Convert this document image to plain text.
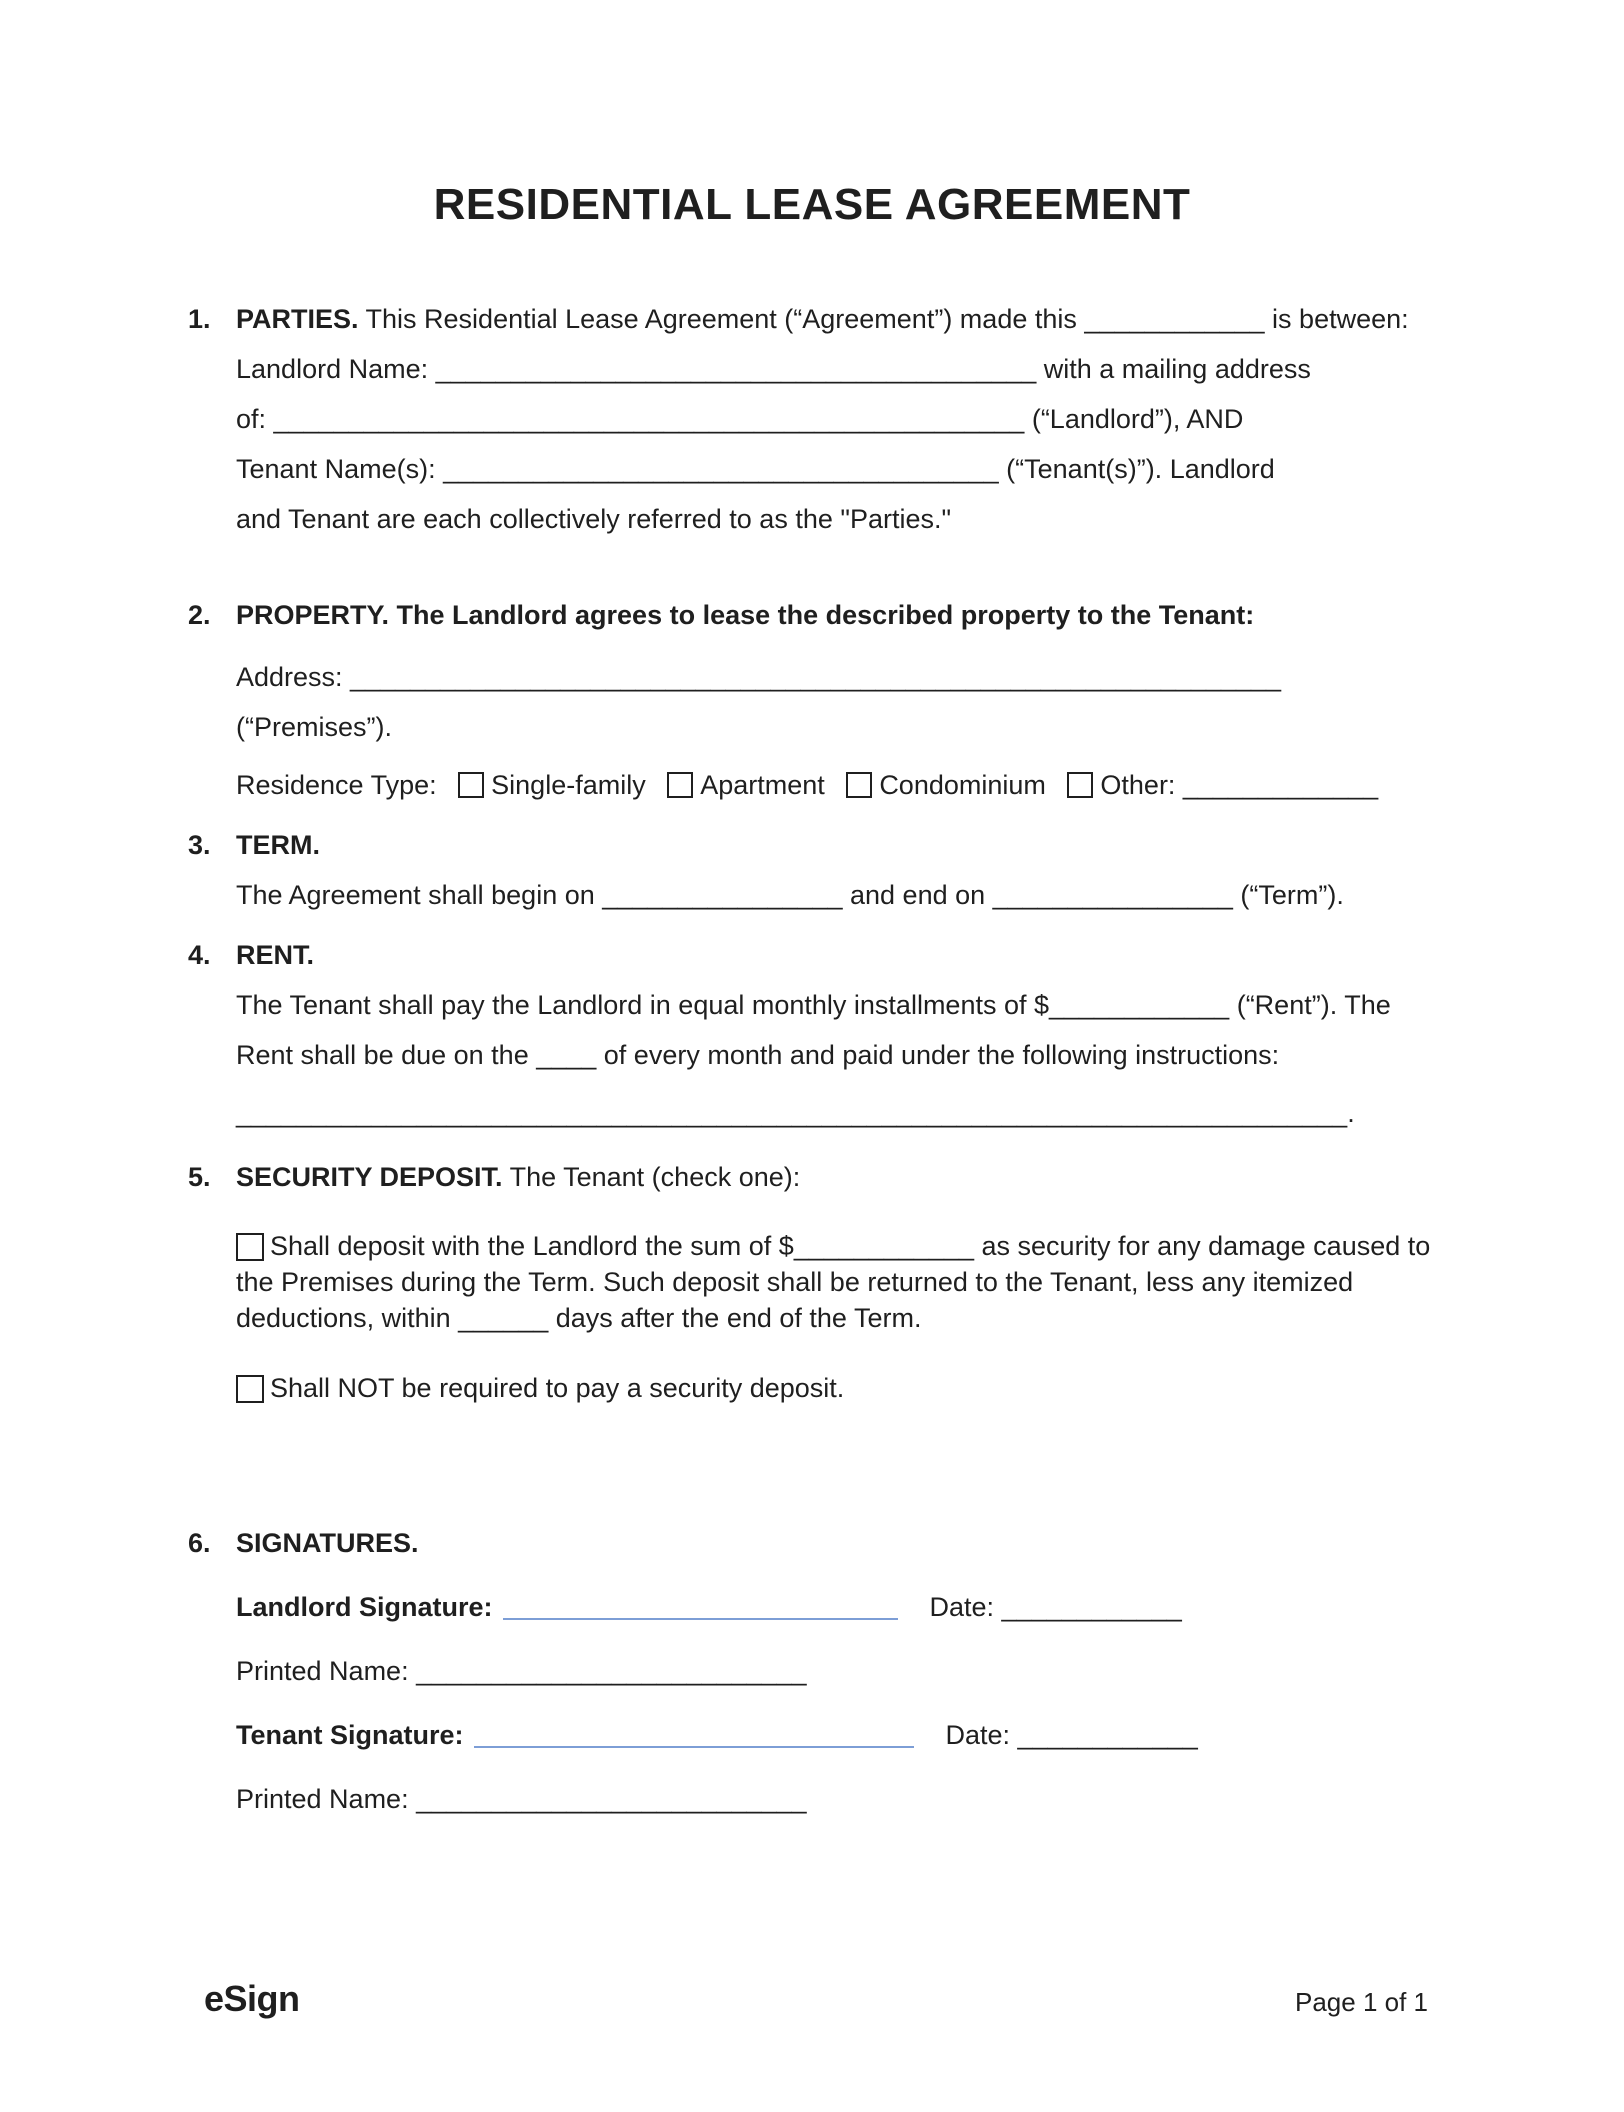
RESIDENTIAL LEASE AGREEMENT
1. PARTIES. This Residential Lease Agreement (“Agreement”) made this ____________ is between:
Landlord Name: ________________________________________ with a mailing address
of: __________________________________________________ (“Landlord”), AND
Tenant Name(s): _____________________________________ (“Tenant(s)”). Landlord
and Tenant are each collectively referred to as the "Parties."
2. PROPERTY. The Landlord agrees to lease the described property to the Tenant:
Address: ______________________________________________________________ (“Premises”).
Residence Type: Single-family Apartment Condominium Other: _____________
3. TERM.
The Agreement shall begin on ________________ and end on ________________ (“Term”).
4. RENT.
The Tenant shall pay the Landlord in equal monthly installments of $____________ (“Rent”). The
Rent shall be due on the ____ of every month and paid under the following instructions:
__________________________________________________________________________.
5. SECURITY DEPOSIT. The Tenant (check one):
Shall deposit with the Landlord the sum of $____________ as security for any damage caused to the Premises during the Term. Such deposit shall be returned to the Tenant, less any itemized deductions, within ______ days after the end of the Term.
Shall NOT be required to pay a security deposit.
6. SIGNATURES.
Landlord Signature:	Date: ____________
Printed Name: __________________________
Tenant Signature:	Date: ____________
Printed Name: __________________________
eSign	Page 1 of 1
